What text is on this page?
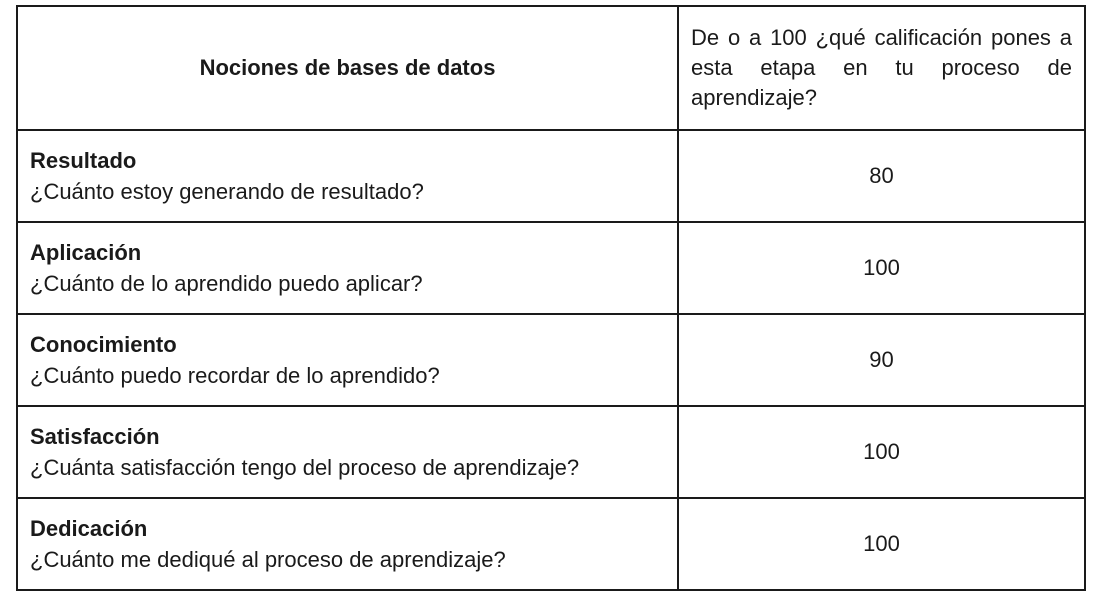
Nociones de bases de datos	De o a 100 ¿qué calificación pones a esta etapa en tu proceso de aprendizaje?

Resultado
¿Cuánto estoy generando de resultado?	80

Aplicación
¿Cuánto de lo aprendido puedo aplicar?	100

Conocimiento
¿Cuánto puedo recordar de lo aprendido?	90

Satisfacción
¿Cuánta satisfacción tengo del proceso de aprendizaje?	100

Dedicación
¿Cuánto me dediqué al proceso de aprendizaje?	100
